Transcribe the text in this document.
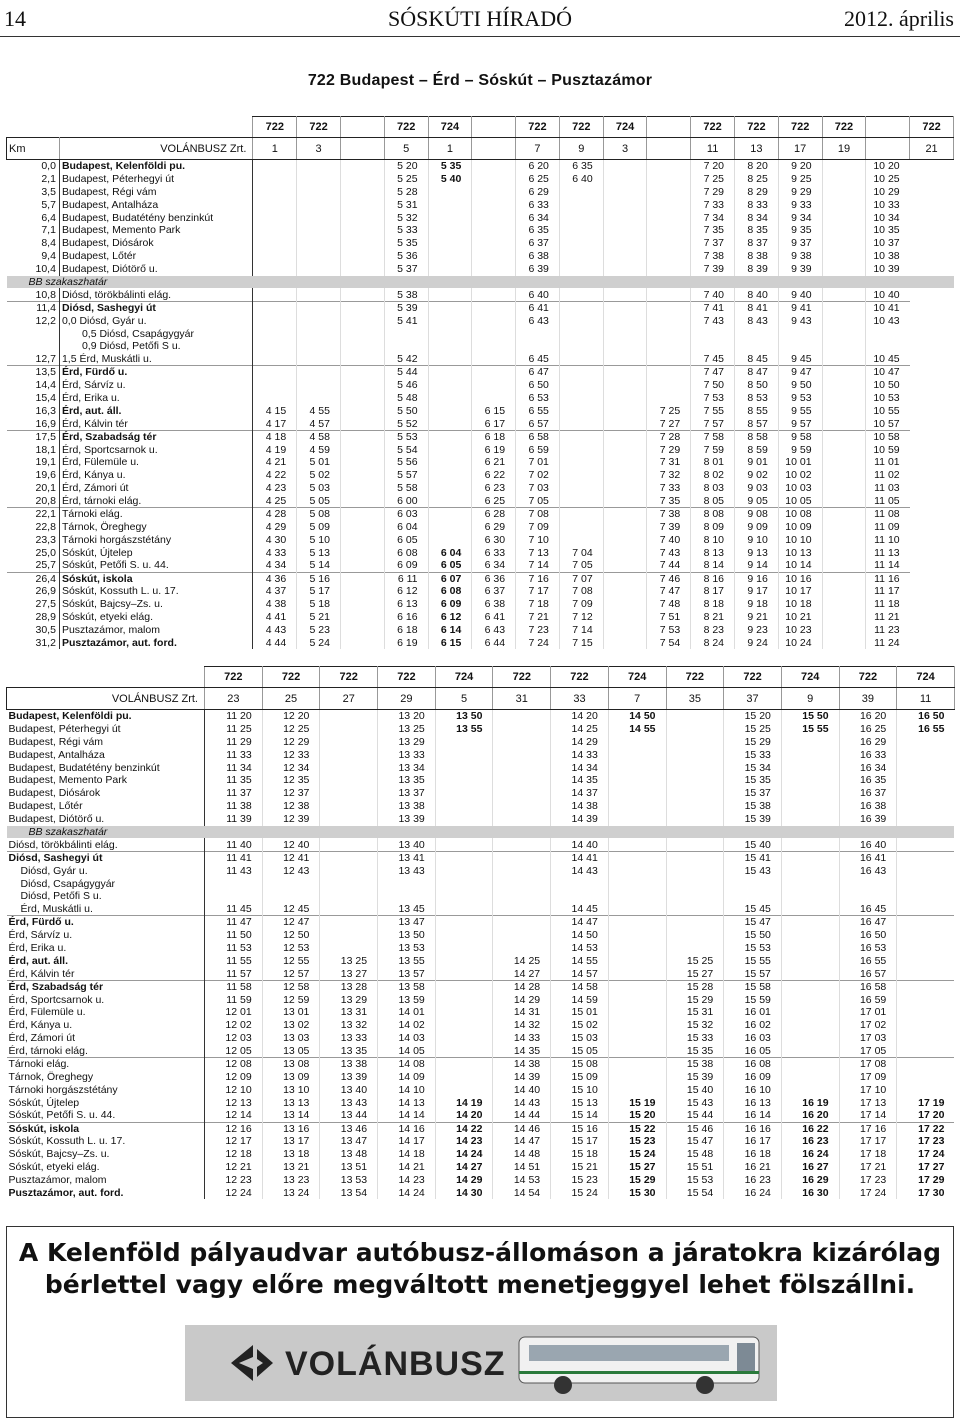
14	SÓSKÚTI HÍRADÓ	2012. április
722 Budapest – Érd – Sóskút – Pusztazámor
		722	722		722	724		722	722	724		722	722	722	722		722
Km	VOLÁNBUSZ Zrt.	1	3		5	1		7	9	3		11	13	17	19		21
0,0	Budapest, Kelenföldi pu.				5 20	5 35		6 20	6 35			7 20	8 20	9 20		10 20	
2,1	Budapest, Péterhegyi út				5 25	5 40		6 25	6 40			7 25	8 25	9 25		10 25	
3,5	Budapest, Régi vám				5 28			6 29				7 29	8 29	9 29		10 29	
5,7	Budapest, Antalháza				5 31			6 33				7 33	8 33	9 33		10 33	
6,4	Budapest, Budatétény benzinkút				5 32			6 34				7 34	8 34	9 34		10 34	
7,1	Budapest, Memento Park				5 33			6 35				7 35	8 35	9 35		10 35	
8,4	Budapest, Diósárok				5 35			6 37				7 37	8 37	9 37		10 37	
9,4	Budapest, Lőtér				5 36			6 38				7 38	8 38	9 38		10 38	
10,4	Budapest, Diótörő u.				5 37			6 39				7 39	8 39	9 39		10 39	
BB szakaszhatár																	
10,8	Diósd, törökbálinti elág.				5 38			6 40				7 40	8 40	9 40		10 40	
11,4	Diósd, Sashegyi út				5 39			6 41				7 41	8 41	9 41		10 41	
12,2	0,0 Diósd, Gyár u.				5 41			6 43				7 43	8 43	9 43		10 43	
	0,5 Diósd, Csapágygyár																
	0,9 Diósd, Petőfi S u.																
12,7	1,5 Érd, Muskátli u.				5 42			6 45				7 45	8 45	9 45		10 45	
13,5	Érd, Fürdő u.				5 44			6 47				7 47	8 47	9 47		10 47	
14,4	Érd, Sárvíz u.				5 46			6 50				7 50	8 50	9 50		10 50	
15,4	Érd, Erika u.				5 48			6 53				7 53	8 53	9 53		10 53	
16,3	Érd, aut. áll.	4 15	4 55		5 50		6 15	6 55			7 25	7 55	8 55	9 55		10 55	
16,9	Érd, Kálvin tér	4 17	4 57		5 52		6 17	6 57			7 27	7 57	8 57	9 57		10 57	
17,5	Érd, Szabadság tér	4 18	4 58		5 53		6 18	6 58			7 28	7 58	8 58	9 58		10 58	
18,1	Érd, Sportcsarnok u.	4 19	4 59		5 54		6 19	6 59			7 29	7 59	8 59	9 59		10 59	
19,1	Érd, Fülemüle u.	4 21	5 01		5 56		6 21	7 01			7 31	8 01	9 01	10 01		11 01	
19,6	Érd, Kánya u.	4 22	5 02		5 57		6 22	7 02			7 32	8 02	9 02	10 02		11 02	
20,1	Érd, Zámori út	4 23	5 03		5 58		6 23	7 03			7 33	8 03	9 03	10 03		11 03	
20,8	Érd, tárnoki elág.	4 25	5 05		6 00		6 25	7 05			7 35	8 05	9 05	10 05		11 05	
22,1	Tárnoki elág.	4 28	5 08		6 03		6 28	7 08			7 38	8 08	9 08	10 08		11 08	
22,8	Tárnok, Öreghegy	4 29	5 09		6 04		6 29	7 09			7 39	8 09	9 09	10 09		11 09	
23,3	Tárnoki horgászstétány	4 30	5 10		6 05		6 30	7 10			7 40	8 10	9 10	10 10		11 10	
25,0	Sóskút, Újtelep	4 33	5 13		6 08	6 04	6 33	7 13	7 04		7 43	8 13	9 13	10 13		11 13	
25,7	Sóskút, Petőfi S. u. 44.	4 34	5 14		6 09	6 05	6 34	7 14	7 05		7 44	8 14	9 14	10 14		11 14	
26,4	Sóskút, iskola	4 36	5 16		6 11	6 07	6 36	7 16	7 07		7 46	8 16	9 16	10 16		11 16	
26,9	Sóskút, Kossuth L. u. 17.	4 37	5 17		6 12	6 08	6 37	7 17	7 08		7 47	8 17	9 17	10 17		11 17	
27,5	Sóskút, Bajcsy–Zs. u.	4 38	5 18		6 13	6 09	6 38	7 18	7 09		7 48	8 18	9 18	10 18		11 18	
28,9	Sóskút, etyeki elág.	4 41	5 21		6 16	6 12	6 41	7 21	7 12		7 51	8 21	9 21	10 21		11 21	
30,5	Pusztazámor, malom	4 43	5 23		6 18	6 14	6 43	7 23	7 14		7 53	8 23	9 23	10 23		11 23	
31,2	Pusztazámor, aut. ford.	4 44	5 24		6 19	6 15	6 44	7 24	7 15		7 54	8 24	9 24	10 24		11 24	
	722	722	722	722	724	722	722	724	722	722	724	722	724
VOLÁNBUSZ Zrt.	23	25	27	29	5	31	33	7	35	37	9	39	11
Budapest, Kelenföldi pu.	11 20	12 20		13 20	13 50		14 20	14 50		15 20	15 50	16 20	16 50
Budapest, Péterhegyi út	11 25	12 25		13 25	13 55		14 25	14 55		15 25	15 55	16 25	16 55
Budapest, Régi vám	11 29	12 29		13 29			14 29			15 29		16 29	
Budapest, Antalháza	11 33	12 33		13 33			14 33			15 33		16 33	
Budapest, Budatétény benzinkút	11 34	12 34		13 34			14 34			15 34		16 34	
Budapest, Memento Park	11 35	12 35		13 35			14 35			15 35		16 35	
Budapest, Diósárok	11 37	12 37		13 37			14 37			15 37		16 37	
Budapest, Lőtér	11 38	12 38		13 38			14 38			15 38		16 38	
Budapest, Diótörő u.	11 39	12 39		13 39			14 39			15 39		16 39	
BB szakaszhatár													
Diósd, törökbálinti elág.	11 40	12 40		13 40			14 40			15 40		16 40	
Diósd, Sashegyi út	11 41	12 41		13 41			14 41			15 41		16 41	
Diósd, Gyár u.	11 43	12 43		13 43			14 43			15 43		16 43	
Diósd, Csapágygyár													
Diósd, Petőfi S u.													
Érd, Muskátli u.	11 45	12 45		13 45			14 45			15 45		16 45	
Érd, Fürdő u.	11 47	12 47		13 47			14 47			15 47		16 47	
Érd, Sárvíz u.	11 50	12 50		13 50			14 50			15 50		16 50	
Érd, Erika u.	11 53	12 53		13 53			14 53			15 53		16 53	
Érd, aut. áll.	11 55	12 55	13 25	13 55		14 25	14 55		15 25	15 55		16 55	
Érd, Kálvin tér	11 57	12 57	13 27	13 57		14 27	14 57		15 27	15 57		16 57	
Érd, Szabadság tér	11 58	12 58	13 28	13 58		14 28	14 58		15 28	15 58		16 58	
Érd, Sportcsarnok u.	11 59	12 59	13 29	13 59		14 29	14 59		15 29	15 59		16 59	
Érd, Fülemüle u.	12 01	13 01	13 31	14 01		14 31	15 01		15 31	16 01		17 01	
Érd, Kánya u.	12 02	13 02	13 32	14 02		14 32	15 02		15 32	16 02		17 02	
Érd, Zámori út	12 03	13 03	13 33	14 03		14 33	15 03		15 33	16 03		17 03	
Érd, tárnoki elág.	12 05	13 05	13 35	14 05		14 35	15 05		15 35	16 05		17 05	
Tárnoki elág.	12 08	13 08	13 38	14 08		14 38	15 08		15 38	16 08		17 08	
Tárnok, Öreghegy	12 09	13 09	13 39	14 09		14 39	15 09		15 39	16 09		17 09	
Tárnoki horgászstétány	12 10	13 10	13 40	14 10		14 40	15 10		15 40	16 10		17 10	
Sóskút, Újtelep	12 13	13 13	13 43	14 13	14 19	14 43	15 13	15 19	15 43	16 13	16 19	17 13	17 19
Sóskút, Petőfi S. u. 44.	12 14	13 14	13 44	14 14	14 20	14 44	15 14	15 20	15 44	16 14	16 20	17 14	17 20
Sóskút, iskola	12 16	13 16	13 46	14 16	14 22	14 46	15 16	15 22	15 46	16 16	16 22	17 16	17 22
Sóskút, Kossuth L. u. 17.	12 17	13 17	13 47	14 17	14 23	14 47	15 17	15 23	15 47	16 17	16 23	17 17	17 23
Sóskút, Bajcsy–Zs. u.	12 18	13 18	13 48	14 18	14 24	14 48	15 18	15 24	15 48	16 18	16 24	17 18	17 24
Sóskút, etyeki elág.	12 21	13 21	13 51	14 21	14 27	14 51	15 21	15 27	15 51	16 21	16 27	17 21	17 27
Pusztazámor, malom	12 23	13 23	13 53	14 23	14 29	14 53	15 23	15 29	15 53	16 23	16 29	17 23	17 29
Pusztazámor, aut. ford.	12 24	13 24	13 54	14 24	14 30	14 54	15 24	15 30	15 54	16 24	16 30	17 24	17 30
A Kelenföld pályaudvar autóbusz-állomáson a járatokra kizárólag
bérlettel vagy előre megváltott menetjeggyel lehet fölszállni.
VOLÁNBUSZ
